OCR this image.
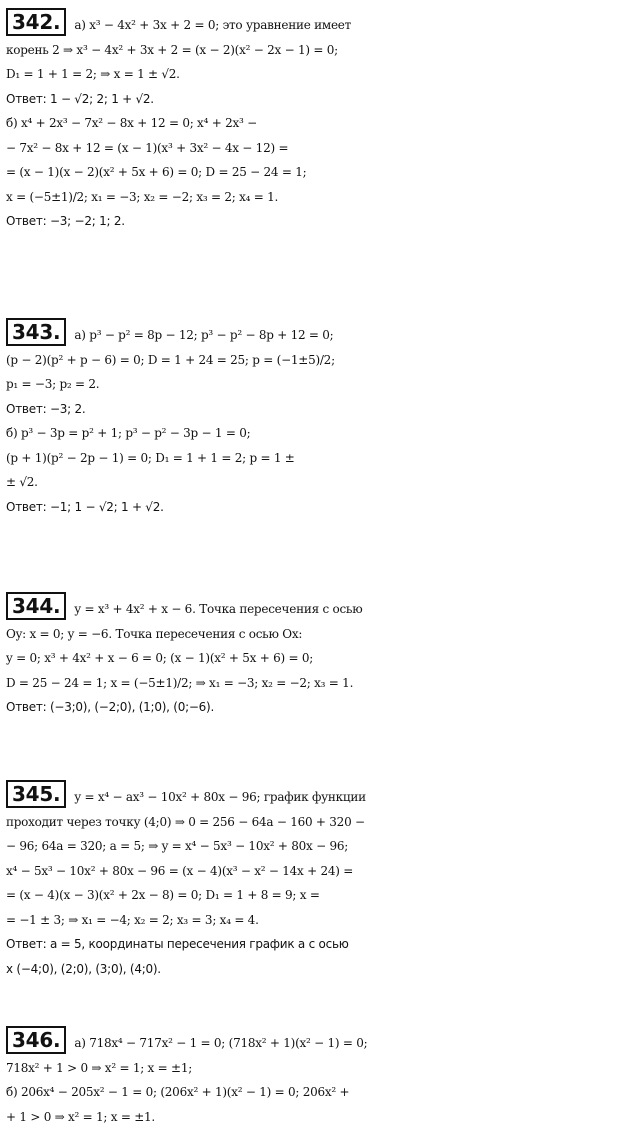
342. а) x³ − 4x² + 3x + 2 = 0; это уравнение имеет
корень 2 ⇒ x³ − 4x² + 3x + 2 = (x − 2)(x² − 2x − 1) = 0;
D₁ = 1 + 1 = 2; ⇒ x = 1 ± √2.
Ответ: 1 − √2; 2; 1 + √2.
б) x⁴ + 2x³ − 7x² − 8x + 12 = 0; x⁴ + 2x³ −
− 7x² − 8x + 12 = (x − 1)(x³ + 3x² − 4x − 12) =
= (x − 1)(x − 2)(x² + 5x + 6) = 0; D = 25 − 24 = 1;
x = (−5±1)/2; x₁ = −3; x₂ = −2; x₃ = 2; x₄ = 1.
Ответ: −3; −2; 1; 2.
343. а) p³ − p² = 8p − 12; p³ − p² − 8p + 12 = 0;
(p − 2)(p² + p − 6) = 0; D = 1 + 24 = 25; p = (−1±5)/2;
p₁ = −3; p₂ = 2.
Ответ: −3; 2.
б) p³ − 3p = p² + 1; p³ − p² − 3p − 1 = 0;
(p + 1)(p² − 2p − 1) = 0; D₁ = 1 + 1 = 2; p = 1 ±
± √2.
Ответ: −1; 1 − √2; 1 + √2.
344. y = x³ + 4x² + x − 6. Точка пересечения с осью
Oy: x = 0; y = −6. Точка пересечения с осью Ox:
y = 0; x³ + 4x² + x − 6 = 0; (x − 1)(x² + 5x + 6) = 0;
D = 25 − 24 = 1; x = (−5±1)/2; ⇒ x₁ = −3; x₂ = −2; x₃ = 1.
Ответ: (−3;0), (−2;0), (1;0), (0;−6).
345. y = x⁴ − ax³ − 10x² + 80x − 96; график функции
проходит через точку (4;0) ⇒ 0 = 256 − 64a − 160 + 320 −
− 96; 64a = 320; a = 5; ⇒ y = x⁴ − 5x³ − 10x² + 80x − 96;
x⁴ − 5x³ − 10x² + 80x − 96 = (x − 4)(x³ − x² − 14x + 24) =
= (x − 4)(x − 3)(x² + 2x − 8) = 0; D₁ = 1 + 8 = 9; x =
= −1 ± 3; ⇒ x₁ = −4; x₂ = 2; x₃ = 3; x₄ = 4.
Ответ: a = 5, координаты пересечения график а с осью
x (−4;0), (2;0), (3;0), (4;0).
346. а) 718x⁴ − 717x² − 1 = 0; (718x² + 1)(x² − 1) = 0;
718x² + 1 > 0 ⇒ x² = 1; x = ±1;
б) 206x⁴ − 205x² − 1 = 0; (206x² + 1)(x² − 1) = 0; 206x² +
+ 1 > 0 ⇒ x² = 1; x = ±1.
